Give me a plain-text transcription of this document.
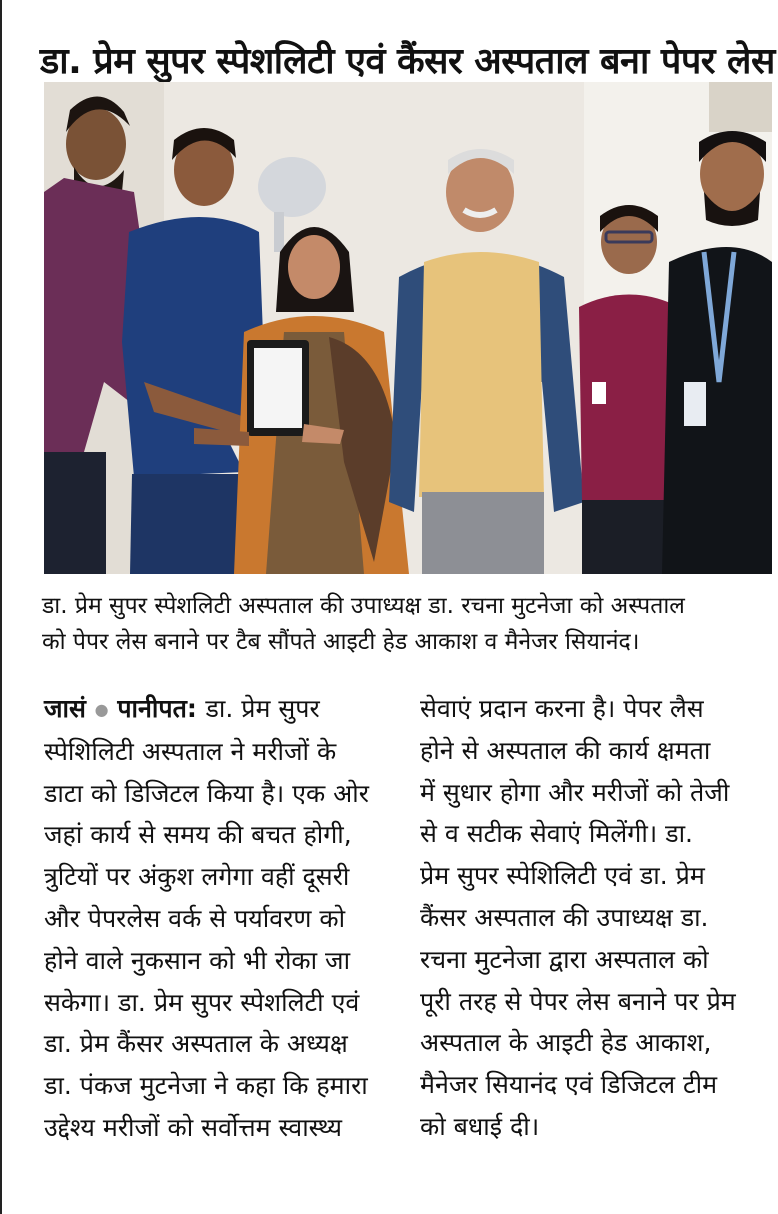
डा. प्रेम सुपर स्पेशलिटी एवं कैंसर अस्पताल बना पेपर लेस

डा. प्रेम सुपर स्पेशलिटी अस्पताल की उपाध्यक्ष डा. रचना मुटनेजा को अस्पताल
को पेपर लेस बनाने पर टैब सौंपते आइटी हेड आकाश व मैनेजर सियानंद।

जासं ● पानीपत: डा. प्रेम सुपर
स्पेशिलिटी अस्पताल ने मरीजों के
डाटा को डिजिटल किया है। एक ओर
जहां कार्य से समय की बचत होगी,
त्रुटियों पर अंकुश लगेगा वहीं दूसरी
और पेपरलेस वर्क से पर्यावरण को
होने वाले नुकसान को भी रोका जा
सकेगा। डा. प्रेम सुपर स्पेशलिटी एवं
डा. प्रेम कैंसर अस्पताल के अध्यक्ष
डा. पंकज मुटनेजा ने कहा कि हमारा
उद्देश्य मरीजों को सर्वोत्तम स्वास्थ्य
सेवाएं प्रदान करना है। पेपर लैस
होने से अस्पताल की कार्य क्षमता
में सुधार होगा और मरीजों को तेजी
से व सटीक सेवाएं मिलेंगी। डा.
प्रेम सुपर स्पेशिलिटी एवं डा. प्रेम
कैंसर अस्पताल की उपाध्यक्ष डा.
रचना मुटनेजा द्वारा अस्पताल को
पूरी तरह से पेपर लेस बनाने पर प्रेम
अस्पताल के आइटी हेड आकाश,
मैनेजर सियानंद एवं डिजिटल टीम
को बधाई दी।
